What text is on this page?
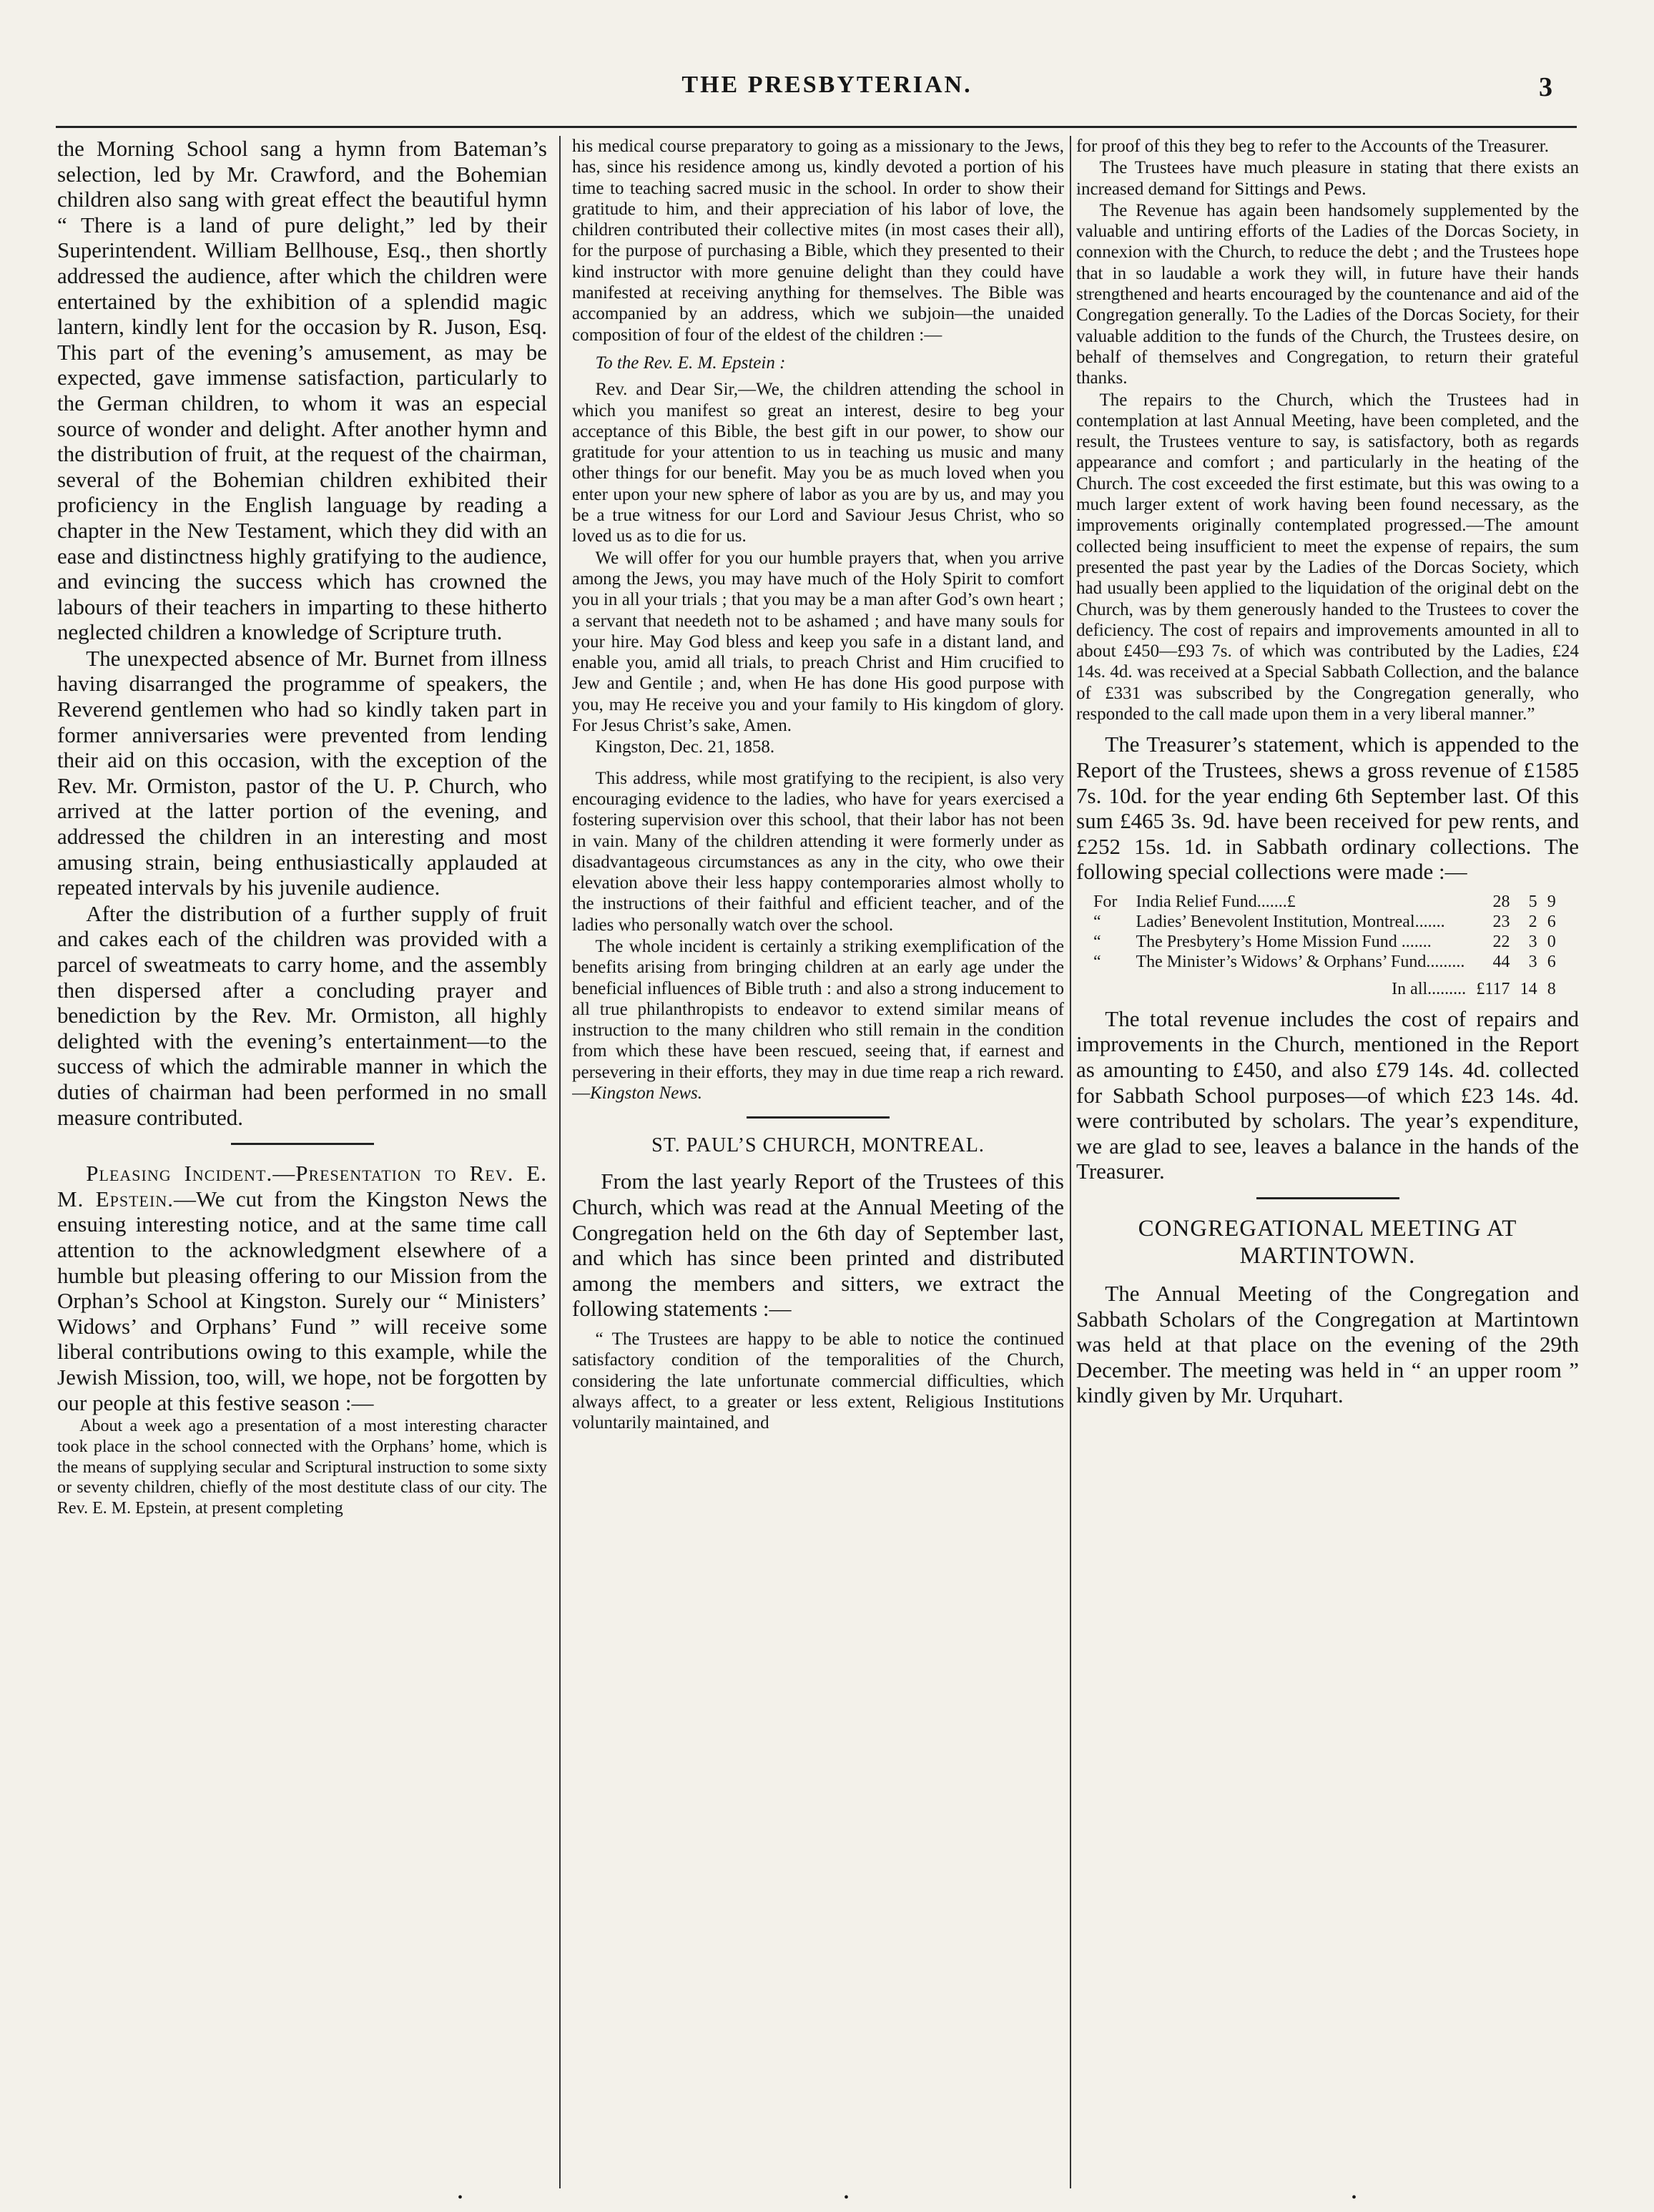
THE PRESBYTERIAN.	3

the Morning School sang a hymn from Bateman’s selection, led by Mr. Crawford, and the Bohemian children also sang with great effect the beautiful hymn “ There is a land of pure delight,” led by their Superintendent. William Bellhouse, Esq., then shortly addressed the audience, after which the children were entertained by the exhibition of a splendid magic lantern, kindly lent for the occasion by R. Juson, Esq. This part of the evening’s amusement, as may be expected, gave immense satisfaction, particularly to the German children, to whom it was an especial source of wonder and delight. After another hymn and the distribution of fruit, at the request of the chairman, several of the Bohemian children exhibited their proficiency in the English language by reading a chapter in the New Testament, which they did with an ease and distinctness highly gratifying to the audience, and evincing the success which has crowned the labours of their teachers in imparting to these hitherto neglected children a knowledge of Scripture truth.

The unexpected absence of Mr. Burnet from illness having disarranged the programme of speakers, the Reverend gentlemen who had so kindly taken part in former anniversaries were prevented from lending their aid on this occasion, with the exception of the Rev. Mr. Ormiston, pastor of the U. P. Church, who arrived at the latter portion of the evening, and addressed the children in an interesting and most amusing strain, being enthusiastically applauded at repeated intervals by his juvenile audience.

After the distribution of a further supply of fruit and cakes each of the children was provided with a parcel of sweatmeats to carry home, and the assembly then dispersed after a concluding prayer and benediction by the Rev. Mr. Ormiston, all highly delighted with the evening’s entertainment—to the success of which the admirable manner in which the duties of chairman had been performed in no small measure contributed.

Pleasing Incident.—Presentation to Rev. E. M. Epstein.—We cut from the Kingston News the ensuing interesting notice, and at the same time call attention to the acknowledgment elsewhere of a humble but pleasing offering to our Mission from the Orphan’s School at Kingston. Surely our “ Ministers’ Widows’ and Orphans’ Fund ” will receive some liberal contributions owing to this example, while the Jewish Mission, too, will, we hope, not be forgotten by our people at this festive season :—

About a week ago a presentation of a most interesting character took place in the school connected with the Orphans’ home, which is the means of supplying secular and Scriptural instruction to some sixty or seventy children, chiefly of the most destitute class of our city. The Rev. E. M. Epstein, at present completing

his medical course preparatory to going as a missionary to the Jews, has, since his residence among us, kindly devoted a portion of his time to teaching sacred music in the school. In order to show their gratitude to him, and their appreciation of his labor of love, the children contributed their collective mites (in most cases their all), for the purpose of purchasing a Bible, which they presented to their kind instructor with more genuine delight than they could have manifested at receiving anything for themselves. The Bible was accompanied by an address, which we subjoin—the unaided composition of four of the eldest of the children :—

To the Rev. E. M. Epstein :

Rev. and Dear Sir,—We, the children attending the school in which you manifest so great an interest, desire to beg your acceptance of this Bible, the best gift in our power, to show our gratitude for your attention to us in teaching us music and many other things for our benefit. May you be as much loved when you enter upon your new sphere of labor as you are by us, and may you be a true witness for our Lord and Saviour Jesus Christ, who so loved us as to die for us.

We will offer for you our humble prayers that, when you arrive among the Jews, you may have much of the Holy Spirit to comfort you in all your trials ; that you may be a man after God’s own heart ; a servant that needeth not to be ashamed ; and have many souls for your hire. May God bless and keep you safe in a distant land, and enable you, amid all trials, to preach Christ and Him crucified to Jew and Gentile ; and, when He has done His good purpose with you, may He receive you and your family to His kingdom of glory. For Jesus Christ’s sake, Amen.

Kingston, Dec. 21, 1858.

This address, while most gratifying to the recipient, is also very encouraging evidence to the ladies, who have for years exercised a fostering supervision over this school, that their labor has not been in vain. Many of the children attending it were formerly under as disadvantageous circumstances as any in the city, who owe their elevation above their less happy contemporaries almost wholly to the instructions of their faithful and efficient teacher, and of the ladies who personally watch over the school.

The whole incident is certainly a striking exemplification of the benefits arising from bringing children at an early age under the beneficial influences of Bible truth : and also a strong inducement to all true philanthropists to endeavor to extend similar means of instruction to the many children who still remain in the condition from which these have been rescued, seeing that, if earnest and persevering in their efforts, they may in due time reap a rich reward.—Kingston News.

ST. PAUL’S CHURCH, MONTREAL.

From the last yearly Report of the Trustees of this Church, which was read at the Annual Meeting of the Congregation held on the 6th day of September last, and which has since been printed and distributed among the members and sitters, we extract the following statements :—

“ The Trustees are happy to be able to notice the continued satisfactory condition of the temporalities of the Church, considering the late unfortunate commercial difficulties, which always affect, to a greater or less extent, Religious Institutions voluntarily maintained, and

for proof of this they beg to refer to the Accounts of the Treasurer.

The Trustees have much pleasure in stating that there exists an increased demand for Sittings and Pews.

The Revenue has again been handsomely supplemented by the valuable and untiring efforts of the Ladies of the Dorcas Society, in connexion with the Church, to reduce the debt ; and the Trustees hope that in so laudable a work they will, in future have their hands strengthened and hearts encouraged by the countenance and aid of the Congregation generally. To the Ladies of the Dorcas Society, for their valuable addition to the funds of the Church, the Trustees desire, on behalf of themselves and Congregation, to return their grateful thanks.

The repairs to the Church, which the Trustees had in contemplation at last Annual Meeting, have been completed, and the result, the Trustees venture to say, is satisfactory, both as regards appearance and comfort ; and particularly in the heating of the Church. The cost exceeded the first estimate, but this was owing to a much larger extent of work having been found necessary, as the improvements originally contemplated progressed.—The amount collected being insufficient to meet the expense of repairs, the sum presented the past year by the Ladies of the Dorcas Society, which had usually been applied to the liquidation of the original debt on the Church, was by them generously handed to the Trustees to cover the deficiency. The cost of repairs and improvements amounted in all to about £450—£93 7s. of which was contributed by the Ladies, £24 14s. 4d. was received at a Special Sabbath Collection, and the balance of £331 was subscribed by the Congregation generally, who responded to the call made upon them in a very liberal manner.”

The Treasurer’s statement, which is appended to the Report of the Trustees, shews a gross revenue of £1585 7s. 10d. for the year ending 6th September last. Of this sum £465 3s. 9d. have been received for pew rents, and £252 15s. 1d. in Sabbath ordinary collections. The following special collections were made :—

For	India Relief Fund.......£	28	5	9
“	Ladies’ Benevolent Institution, Montreal.......	23	2	6
“	The Presbytery’s Home Mission Fund .......	22	3	0
“	The Minister’s Widows’ & Orphans’ Fund.........	44	3	6
	In all.........	£117	14	8

The total revenue includes the cost of repairs and improvements in the Church, mentioned in the Report as amounting to £450, and also £79 14s. 4d. collected for Sabbath School purposes—of which £23 14s. 4d. were contributed by scholars. The year’s expenditure, we are glad to see, leaves a balance in the hands of the Treasurer.

CONGREGATIONAL MEETING AT MARTINTOWN.

The Annual Meeting of the Congregation and Sabbath Scholars of the Congregation at Martintown was held at that place on the evening of the 29th December. The meeting was held in “ an upper room ” kindly given by Mr. Urquhart.

•	•	•
